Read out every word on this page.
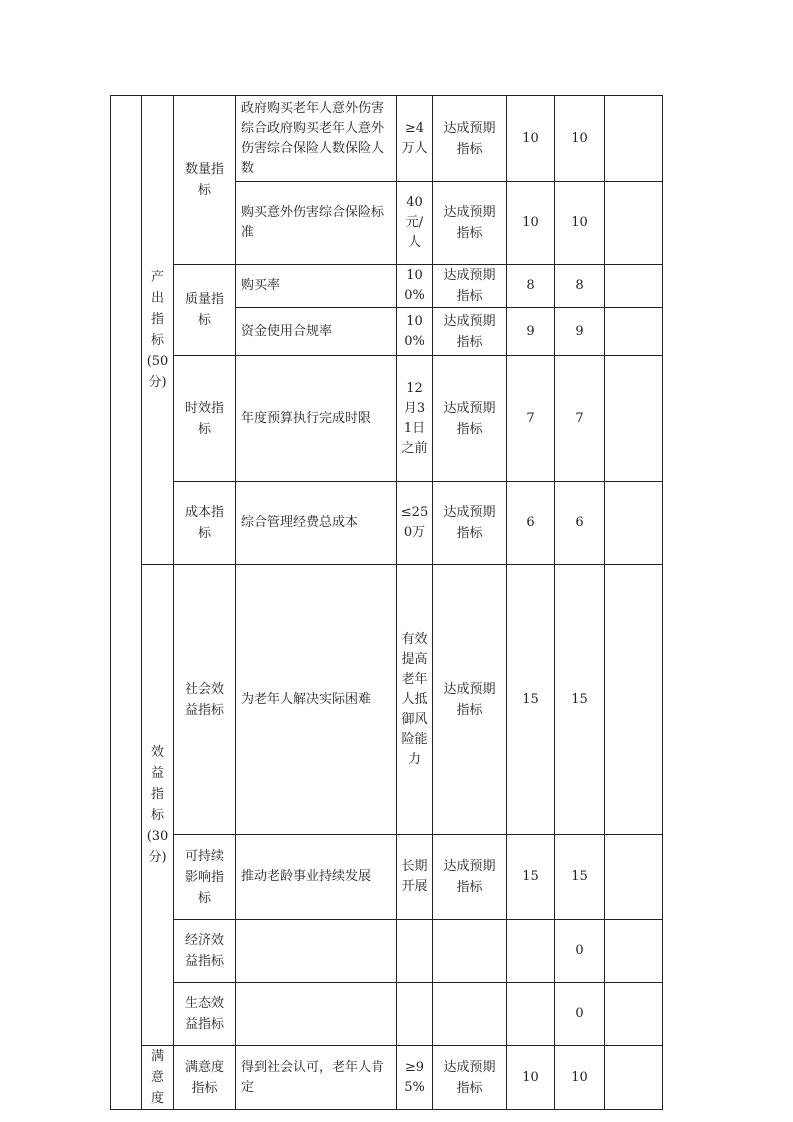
	产出指标(50分)	数量指标	政府购买老年人意外伤害综合政府购买老年人意外伤害综合保险人数保险人数	≥4万人	达成预期指标	10	10	
			购买意外伤害综合保险标准	40元/人	达成预期指标	10	10	
		质量指标	购买率	100%	达成预期指标	8	8	
			资金使用合规率	100%	达成预期指标	9	9	
		时效指标	年度预算执行完成时限	12月31日之前	达成预期指标	7	7	
		成本指标	综合管理经费总成本	≤250万	达成预期指标	6	6	
	效益指标(30分)	社会效益指标	为老年人解决实际困难	有效提高老年人抵御风险能力	达成预期指标	15	15	
		可持续影响指标	推动老龄事业持续发展	长期开展	达成预期指标	15	15	
		经济效益指标					0	
		生态效益指标					0	
	满意度	满意度指标	得到社会认可，老年人肯定	≥95%	达成预期指标	10	10	
